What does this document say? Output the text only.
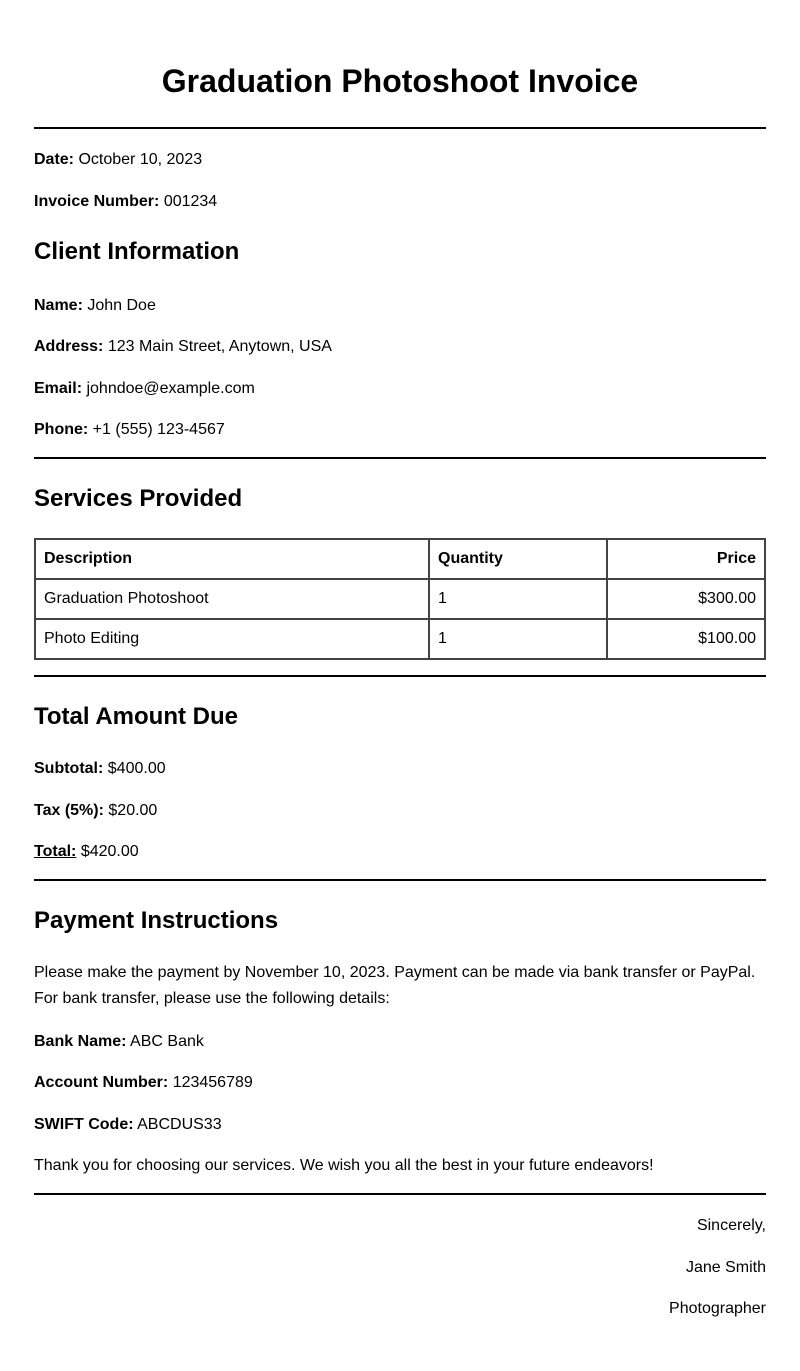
Graduation Photoshoot Invoice

Date: October 10, 2023

Invoice Number: 001234

Client Information

Name: John Doe

Address: 123 Main Street, Anytown, USA

Email: johndoe@example.com

Phone: +1 (555) 123-4567

Services Provided
Description	Quantity	Price
Graduation Photoshoot	1	$300.00
Photo Editing	1	$100.00
Total Amount Due

Subtotal: $400.00

Tax (5%): $20.00

Total: $420.00

Payment Instructions

Please make the payment by November 10, 2023. Payment can be made via bank transfer or PayPal. For bank transfer, please use the following details:

Bank Name: ABC Bank

Account Number: 123456789

SWIFT Code: ABCDUS33

Thank you for choosing our services. We wish you all the best in your future endeavors!

Sincerely,

Jane Smith

Photographer
